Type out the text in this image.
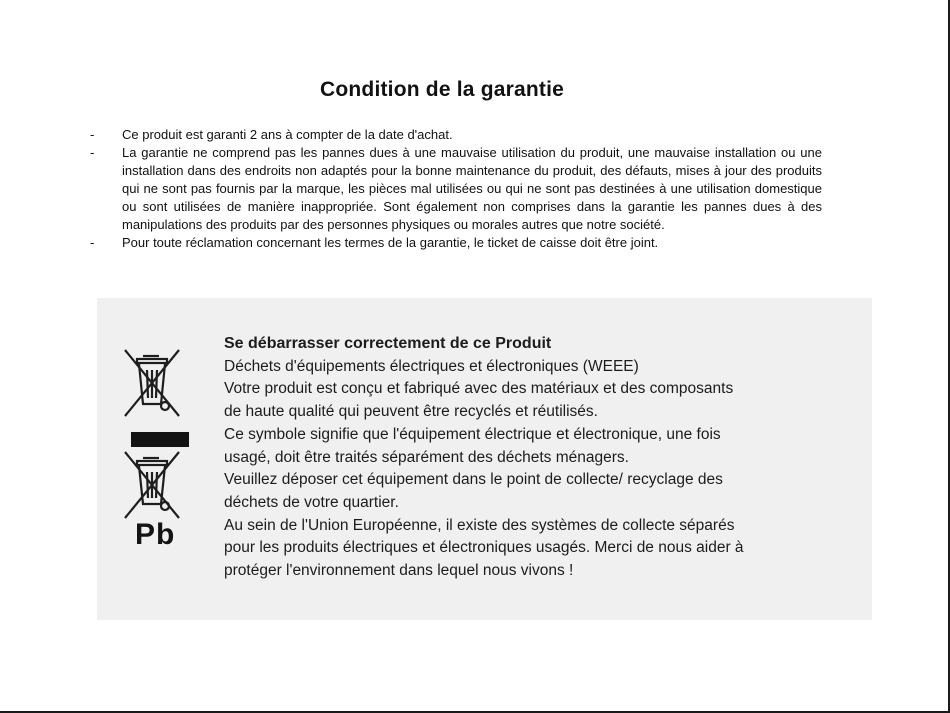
Condition de la garantie
- Ce produit est garanti 2 ans à compter de la date d'achat.
- La garantie ne comprend pas les pannes dues à une mauvaise utilisation du produit, une mauvaise installation ou une installation dans des endroits non adaptés pour la bonne maintenance du produit, des défauts, mises à jour des produits qui ne sont pas fournis par la marque, les pièces mal utilisées ou qui ne sont pas destinées à une utilisation domestique ou sont utilisées de manière inappropriée. Sont également non comprises dans la garantie les pannes dues à des manipulations des produits par des personnes physiques ou morales autres que notre société.
- Pour toute réclamation concernant les termes de la garantie, le ticket de caisse doit être joint.
Pb
Se débarrasser correctement de ce Produit
Déchets d'équipements électriques et électroniques (WEEE)
Votre produit est conçu et fabriqué avec des matériaux et des composants
de haute qualité qui peuvent être recyclés et réutilisés.
Ce symbole signifie que l'équipement électrique et électronique, une fois
usagé, doit être traités séparément des déchets ménagers.
Veuillez déposer cet équipement dans le point de collecte/ recyclage des
déchets de votre quartier.
Au sein de l'Union Européenne, il existe des systèmes de collecte séparés
pour les produits électriques et électroniques usagés. Merci de nous aider à
protéger l'environnement dans lequel nous vivons !
